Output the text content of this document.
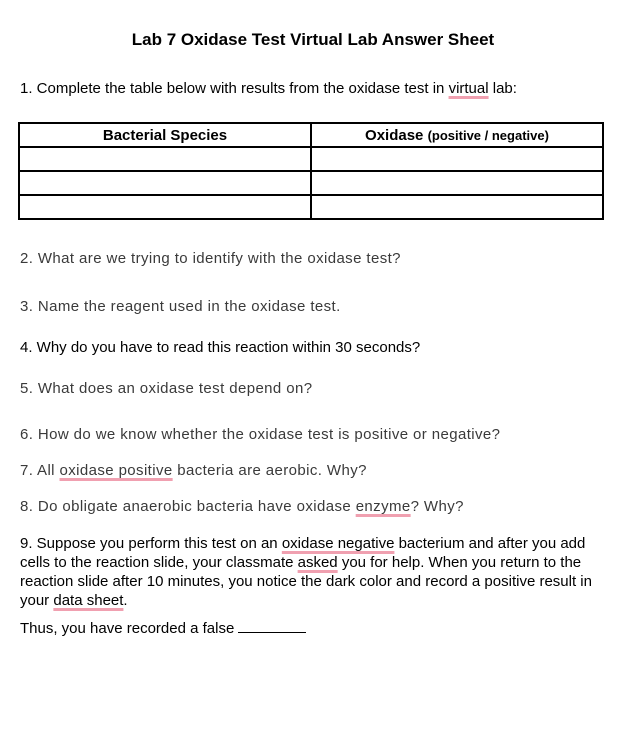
Lab 7 Oxidase Test Virtual Lab Answer Sheet
1. Complete the table below with results from the oxidase test in virtual lab:
Bacterial Species	Oxidase (positive / negative)

2. What are we trying to identify with the oxidase test?
3. Name the reagent used in the oxidase test.
4. Why do you have to read this reaction within 30 seconds?
5. What does an oxidase test depend on?
6. How do we know whether the oxidase test is positive or negative?
7. All oxidase positive bacteria are aerobic. Why?
8. Do obligate anaerobic bacteria have oxidase enzyme? Why?
9. Suppose you perform this test on an oxidase negative bacterium and after you add cells to the reaction slide, your classmate asked you for help. When you return to the reaction slide after 10 minutes, you notice the dark color and record a positive result in your data sheet.
Thus, you have recorded a false
